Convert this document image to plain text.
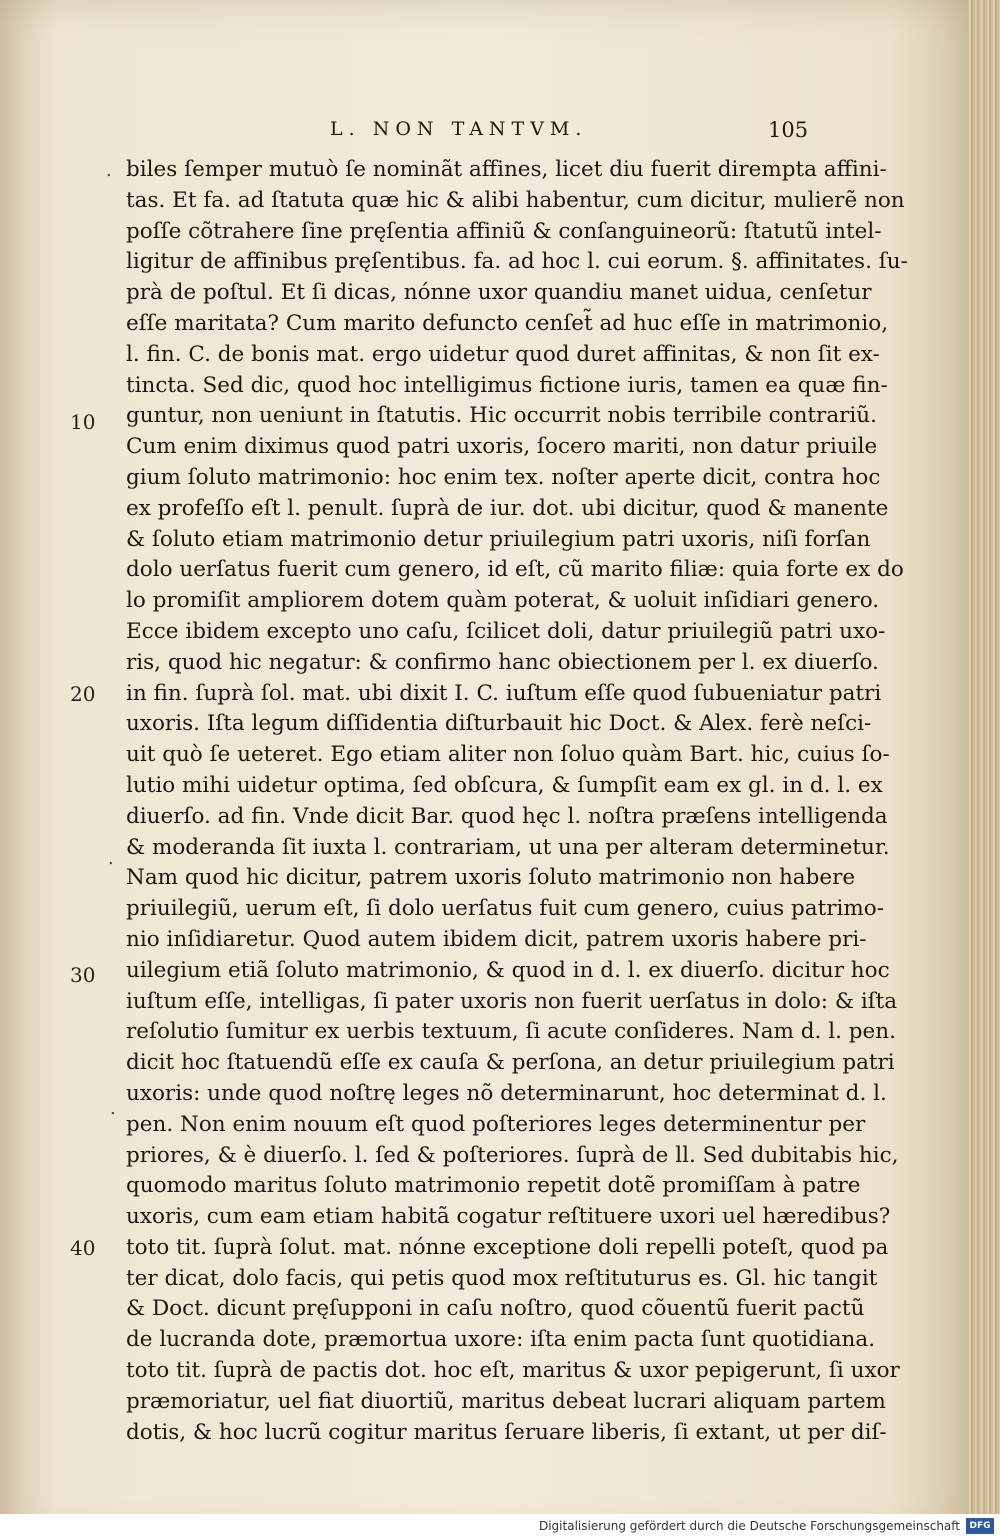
L. NON TANTVM.	105
10
20
30
40
.
.
.
biles ſemper mutuò ſe nominãt affines, licet diu fuerit dirempta affini-
tas. Et fa. ad ſtatuta quæ hic & alibi habentur, cum dicitur, mulierẽ non
poſſe cõtrahere ſine pręſentia affiniũ & conſanguineorũ: ſtatutũ intel-
ligitur de affinibus pręſentibus. fa. ad hoc l. cui eorum. §. affinitates. ſu-
prà de poſtul. Et ſi dicas, nónne uxor quandiu manet uidua, cenſetur
eſſe maritata? Cum marito defuncto cenſet̃ ad huc eſſe in matrimonio,
l. fin. C. de bonis mat. ergo uidetur quod duret affinitas, & non ſit ex-
tincta. Sed dic, quod hoc intelligimus fictione iuris, tamen ea quæ fin-
guntur, non ueniunt in ſtatutis. Hic occurrit nobis terribile contrariũ.
Cum enim diximus quod patri uxoris, ſocero mariti, non datur priuile
gium ſoluto matrimonio: hoc enim tex. noſter aperte dicit, contra hoc
ex profeſſo eſt l. penult. ſuprà de iur. dot. ubi dicitur, quod & manente
& ſoluto etiam matrimonio detur priuilegium patri uxoris, niſi forſan
dolo uerſatus fuerit cum genero, id eſt, cũ marito filiæ: quia forte ex do
lo promiſit ampliorem dotem quàm poterat, & uoluit inſidiari genero.
Ecce ibidem excepto uno caſu, ſcilicet doli, datur priuilegiũ patri uxo-
ris, quod hic negatur: & confirmo hanc obiectionem per l. ex diuerſo.
in fin. ſuprà ſol. mat. ubi dixit I. C. iuſtum eſſe quod ſubueniatur patri
uxoris. Iſta legum diſſidentia diſturbauit hic Doct. & Alex. ferè neſci-
uit quò ſe ueteret. Ego etiam aliter non ſoluo quàm Bart. hic, cuius ſo-
lutio mihi uidetur optima, ſed obſcura, & ſumpſit eam ex gl. in d. l. ex
diuerſo. ad fin. Vnde dicit Bar. quod hęc l. noſtra præſens intelligenda
& moderanda ſit iuxta l. contrariam, ut una per alteram determinetur.
Nam quod hic dicitur, patrem uxoris ſoluto matrimonio non habere
priuilegiũ, uerum eſt, ſi dolo uerſatus fuit cum genero, cuius patrimo-
nio inſidiaretur. Quod autem ibidem dicit, patrem uxoris habere pri-
uilegium etiã ſoluto matrimonio, & quod in d. l. ex diuerſo. dicitur hoc
iuſtum eſſe, intelligas, ſi pater uxoris non fuerit uerſatus in dolo: & iſta
reſolutio ſumitur ex uerbis textuum, ſi acute conſideres. Nam d. l. pen.
dicit hoc ſtatuendũ eſſe ex cauſa & perſona, an detur priuilegium patri
uxoris: unde quod noſtrę leges nõ determinarunt, hoc determinat d. l.
pen. Non enim nouum eſt quod poſteriores leges determinentur per
priores, & è diuerſo. l. ſed & poſteriores. ſuprà de ll. Sed dubitabis hic,
quomodo maritus ſoluto matrimonio repetit dotẽ promiſſam à patre
uxoris, cum eam etiam habitã cogatur reſtituere uxori uel hæredibus?
toto tit. ſuprà ſolut. mat. nónne exceptione doli repelli poteſt, quod pa
ter dicat, dolo facis, qui petis quod mox reſtituturus es. Gl. hic tangit
& Doct. dicunt pręſupponi in caſu noſtro, quod cõuentũ fuerit pactũ
de lucranda dote, præmortua uxore: iſta enim pacta ſunt quotidiana.
toto tit. ſuprà de pactis dot. hoc eſt, maritus & uxor pepigerunt, ſi uxor
præmoriatur, uel fiat diuortiũ, maritus debeat lucrari aliquam partem
dotis, & hoc lucrũ cogitur maritus ſeruare liberis, ſi extant, ut per diſ-
Digitalisierung gefördert durch die Deutsche Forschungsgemeinschaft	DFG
